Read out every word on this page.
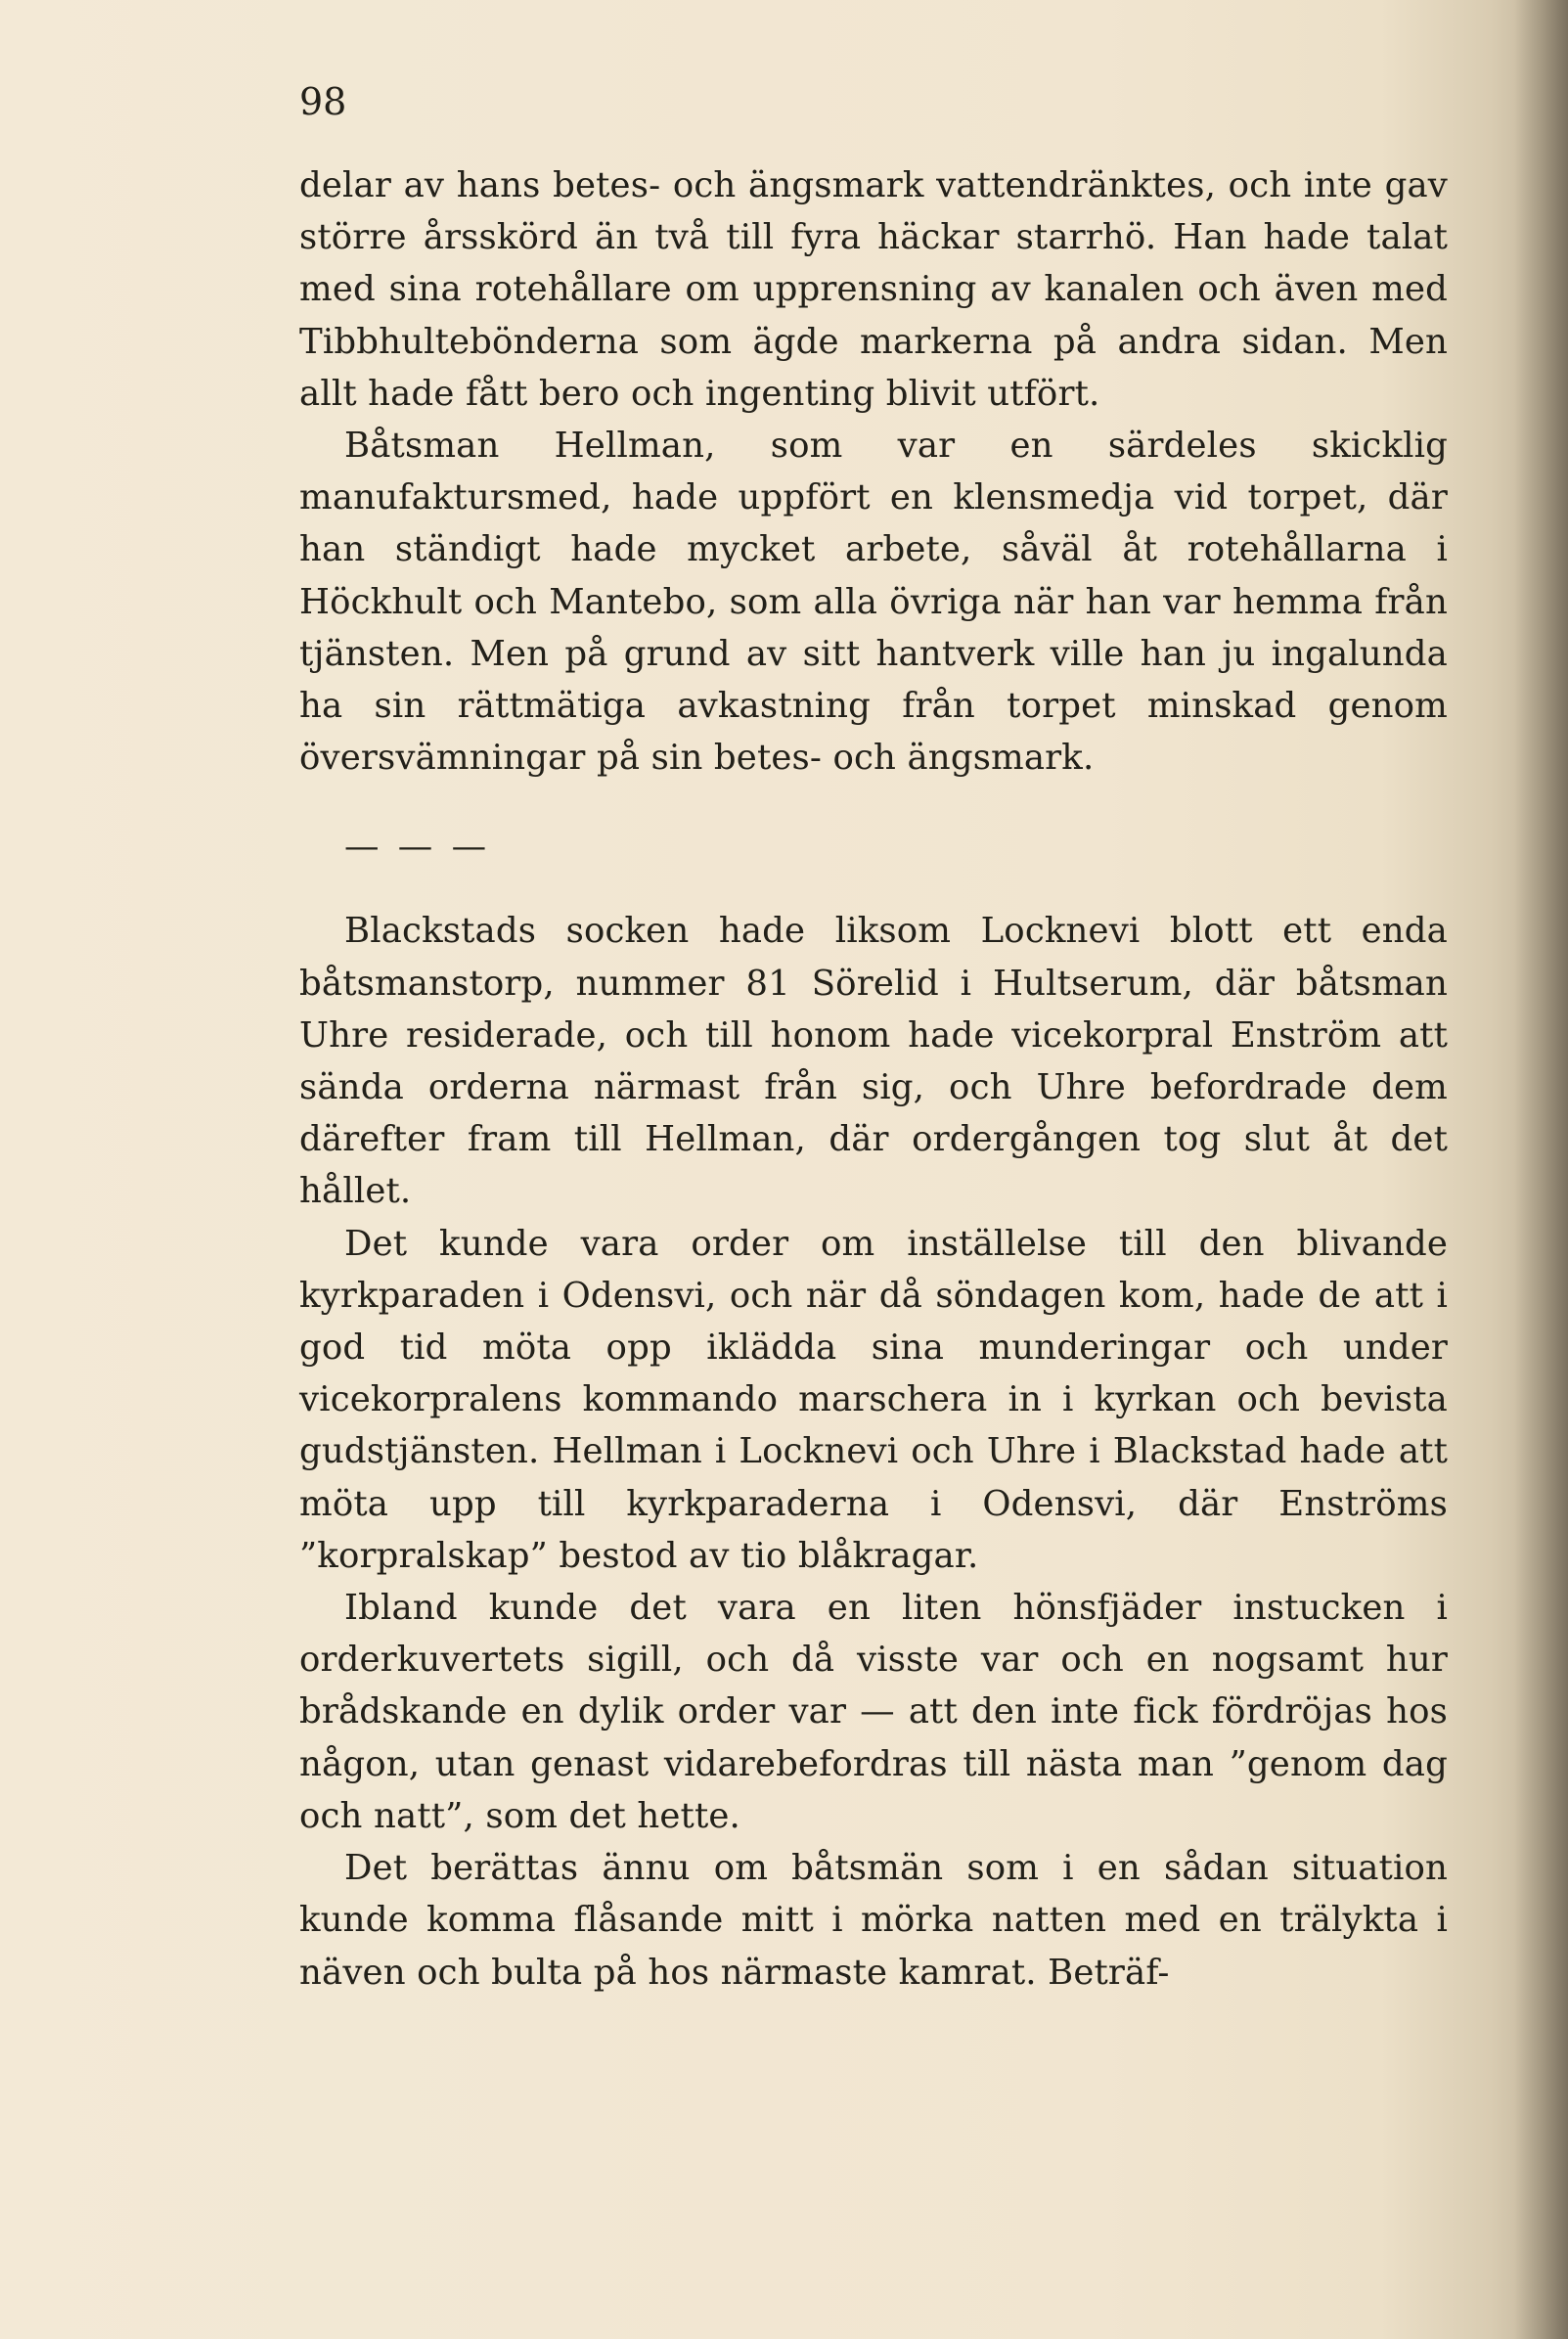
98

delar av hans betes- och ängsmark vattendränktes, och inte gav större årsskörd än två till fyra häckar starrhö. Han hade talat med sina rotehållare om upprensning av kanalen och även med Tibbhultebönderna som ägde markerna på andra sidan. Men allt hade fått bero och ingenting blivit utfört.

Båtsman Hellman, som var en särdeles skicklig manufaktursmed, hade uppfört en klensmedja vid torpet, där han ständigt hade mycket arbete, såväl åt rotehållarna i Höckhult och Mantebo, som alla övriga när han var hemma från tjänsten. Men på grund av sitt hantverk ville han ju ingalunda ha sin rättmätiga avkastning från torpet minskad genom översvämningar på sin betes- och ängsmark.

— — —

Blackstads socken hade liksom Locknevi blott ett enda båtsmanstorp, nummer 81 Sörelid i Hultserum, där båtsman Uhre residerade, och till honom hade vicekorpral Enström att sända orderna närmast från sig, och Uhre befordrade dem därefter fram till Hellman, där ordergången tog slut åt det hållet.

Det kunde vara order om inställelse till den blivande kyrkparaden i Odensvi, och när då söndagen kom, hade de att i god tid möta opp iklädda sina munderingar och under vicekorpralens kommando marschera in i kyrkan och bevista gudstjänsten. Hellman i Locknevi och Uhre i Blackstad hade att möta upp till kyrkparaderna i Odensvi, där Enströms ”korpralskap” bestod av tio blåkragar.

Ibland kunde det vara en liten hönsfjäder instucken i orderkuvertets sigill, och då visste var och en nogsamt hur brådskande en dylik order var — att den inte fick fördröjas hos någon, utan genast vidarebefordras till nästa man ”genom dag och natt”, som det hette.

Det berättas ännu om båtsmän som i en sådan situation kunde komma flåsande mitt i mörka natten med en trälykta i näven och bulta på hos närmaste kamrat. Beträf-
